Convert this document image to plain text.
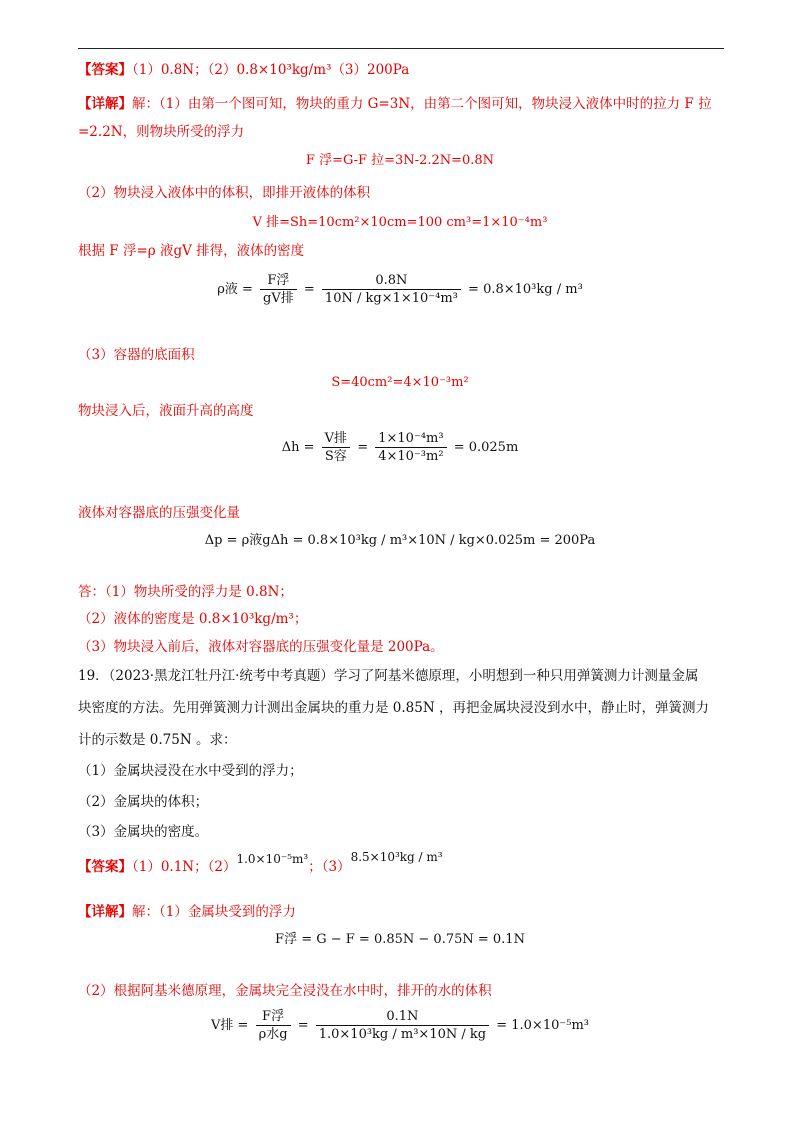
【答案】（1）0.8N；（2）0.8×10³kg/m³（3）200Pa
【详解】解：（1）由第一个图可知，物块的重力 G=3N，由第二个图可知，物块浸入液体中时的拉力 F 拉
=2.2N，则物块所受的浮力
F 浮=G-F 拉=3N-2.2N=0.8N
（2）物块浸入液体中的体积，即排开液体的体积
V 排=Sh=10cm²×10cm=100 cm³=1×10⁻⁴m³
根据 F 浮=ρ 液gV 排得，液体的密度
ρ液 = $\frac{\text{F浮}}{\text{gV排}} = \frac{0.8N}{\text{10N / kg×1×10⁻⁴m³}} = 0.8\times 10^3kg / m^3$
（3）容器的底面积
S=40cm²=4×10⁻³m²
物块浸入后，液面升高的高度
$\Delta h = \frac{\text{V排}}{\text{S容}} = \frac{\text{1×10⁻⁴m³}}{\text{4×10⁻³m²}} = 0.025m$
液体对容器底的压强变化量
Δp = ρ液gΔh = 0.8×10³kg / m³×10N / kg×0.025m = 200Pa
答：（1）物块所受的浮力是 0.8N；
（2）液体的密度是 0.8×10³kg/m³；
（3）物块浸入前后，液体对容器底的压强变化量是 200Pa。
19．（2023·黑龙江牡丹江·统考中考真题）学习了阿基米德原理，小明想到一种只用弹簧测力计测量金属
块密度的方法。先用弹簧测力计测出金属块的重力是 0.85N ，再把金属块浸没到水中，静止时，弹簧测力
计的示数是 0.75N 。求：
（1）金属块浸没在水中受到的浮力；
（2）金属块的体积；
（3）金属块的密度。
【答案】（1）0.1N；（2）1.0×10⁻⁵m³；（3）8.5×10³kg / m³
【详解】解：（1）金属块受到的浮力
F浮 = G − F = 0.85N − 0.75N = 0.1N
（2）根据阿基米德原理，金属块完全浸没在水中时，排开的水的体积
V排 = $\frac{\text{F浮}}{\text{ρ水g}} = \frac{0.1N}{\text{1.0×10³kg / m³×10N / kg}} = 1.0\times 10^{-5}m^3$
